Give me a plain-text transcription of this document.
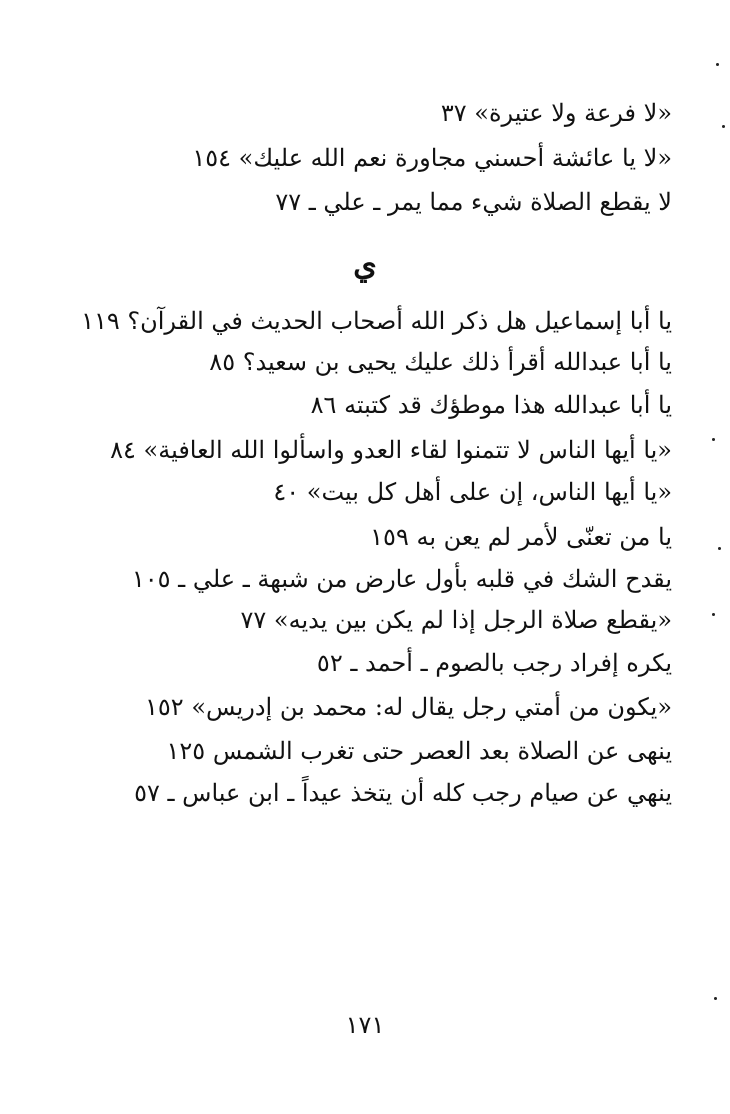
«لا فرعة ولا عتيرة» ٣٧
«لا يا عائشة أحسني مجاورة نعم الله عليك» ١٥٤
لا يقطع الصلاة شيء مما يمر ـ علي ـ ٧٧
ي
يا أبا إسماعيل هل ذكر الله أصحاب الحديث في القرآن؟ ١١٩
يا أبا عبدالله أقرأ ذلك عليك يحيى بن سعيد؟ ٨٥
يا أبا عبدالله هذا موطؤك قد كتبته ٨٦
«يا أيها الناس لا تتمنوا لقاء العدو واسألوا الله العافية» ٨٤
«يا أيها الناس، إن على أهل كل بيت» ٤٠
يا من تعنّى لأمر لم يعن به ١٥٩
يقدح الشك في قلبه بأول عارض من شبهة ـ علي ـ ١٠٥
«يقطع صلاة الرجل إذا لم يكن بين يديه» ٧٧
يكره إفراد رجب بالصوم ـ أحمد ـ ٥٢
«يكون من أمتي رجل يقال له: محمد بن إدريس» ١٥٢
ينهى عن الصلاة بعد العصر حتى تغرب الشمس ١٢٥
ينهي عن صيام رجب كله أن يتخذ عيداً ـ ابن عباس ـ ٥٧
١٧١
